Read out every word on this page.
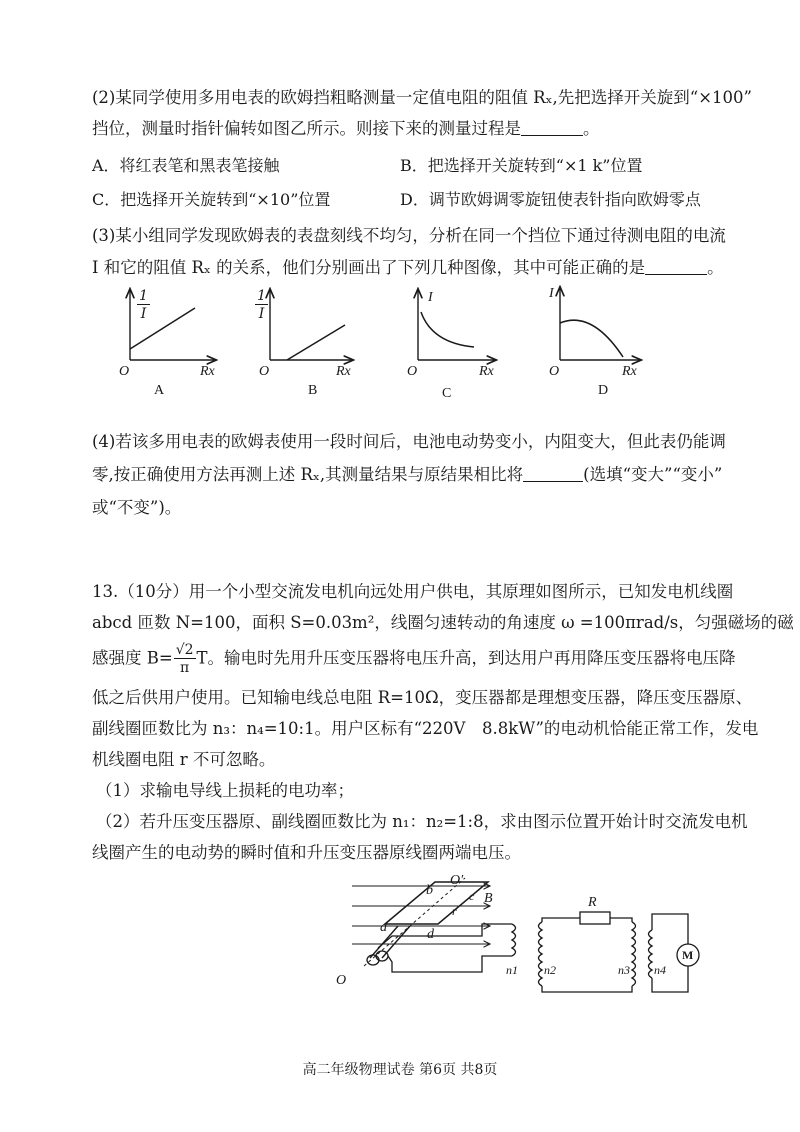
(2)某同学使用多用电表的欧姆挡粗略测量一定值电阻的阻值 Rₓ,先把选择开关旋到“×100”
挡位，测量时指针偏转如图乙所示。则接下来的测量过程是	。
A．将红表笔和黑表笔接触	B．把选择开关旋转到“×1 k”位置
C．把选择开关旋转到“×10”位置	D．调节欧姆调零旋钮使表针指向欧姆零点
(3)某小组同学发现欧姆表的表盘刻线不均匀，分析在同一个挡位下通过待测电阻的电流
I 和它的阻值 Rₓ 的关系，他们分别画出了下列几种图像，其中可能正确的是	。
$\frac{1}{I}$
O	Rx
A
$\frac{1}{I}$
O	Rx
B
I
O	Rx
C
I
O	Rx
D
(4)若该多用电表的欧姆表使用一段时间后，电池电动势变小，内阻变大，但此表仍能调
零,按正确使用方法再测上述 Rₓ,其测量结果与原结果相比将	(选填“变大”“变小”
或“不变”)。
13.（10分）用一个小型交流发电机向远处用户供电，其原理如图所示，已知发电机线圈
abcd 匝数 N=100，面积 S=0.03m²，线圈匀速转动的角速度 ω =100πrad/s，匀强磁场的磁
感强度 $B= \frac{√2}{\pi}$ T。输电时先用升压变压器将电压升高，到达用户再用降压变压器将电压降
低之后供用户使用。已知输电线总电阻 R=10Ω，变压器都是理想变压器，降压变压器原、
副线圈匝数比为 n₃：n₄=10:1。用户区标有“220V　8.8kW”的电动机恰能正常工作，发电
机线圈电阻 r 不可忽略。
（1）求输电导线上损耗的电功率；
（2）若升压变压器原、副线圈匝数比为 n₁：n₂=1:8，求由图示位置开始计时交流发电机
线圈产生的电动势的瞬时值和升压变压器原线圈两端电压。
O′
b	c B
r
a	d
O
R
n1 n2	n3 n4
M
高二年级物理试卷 第6页 共8页
